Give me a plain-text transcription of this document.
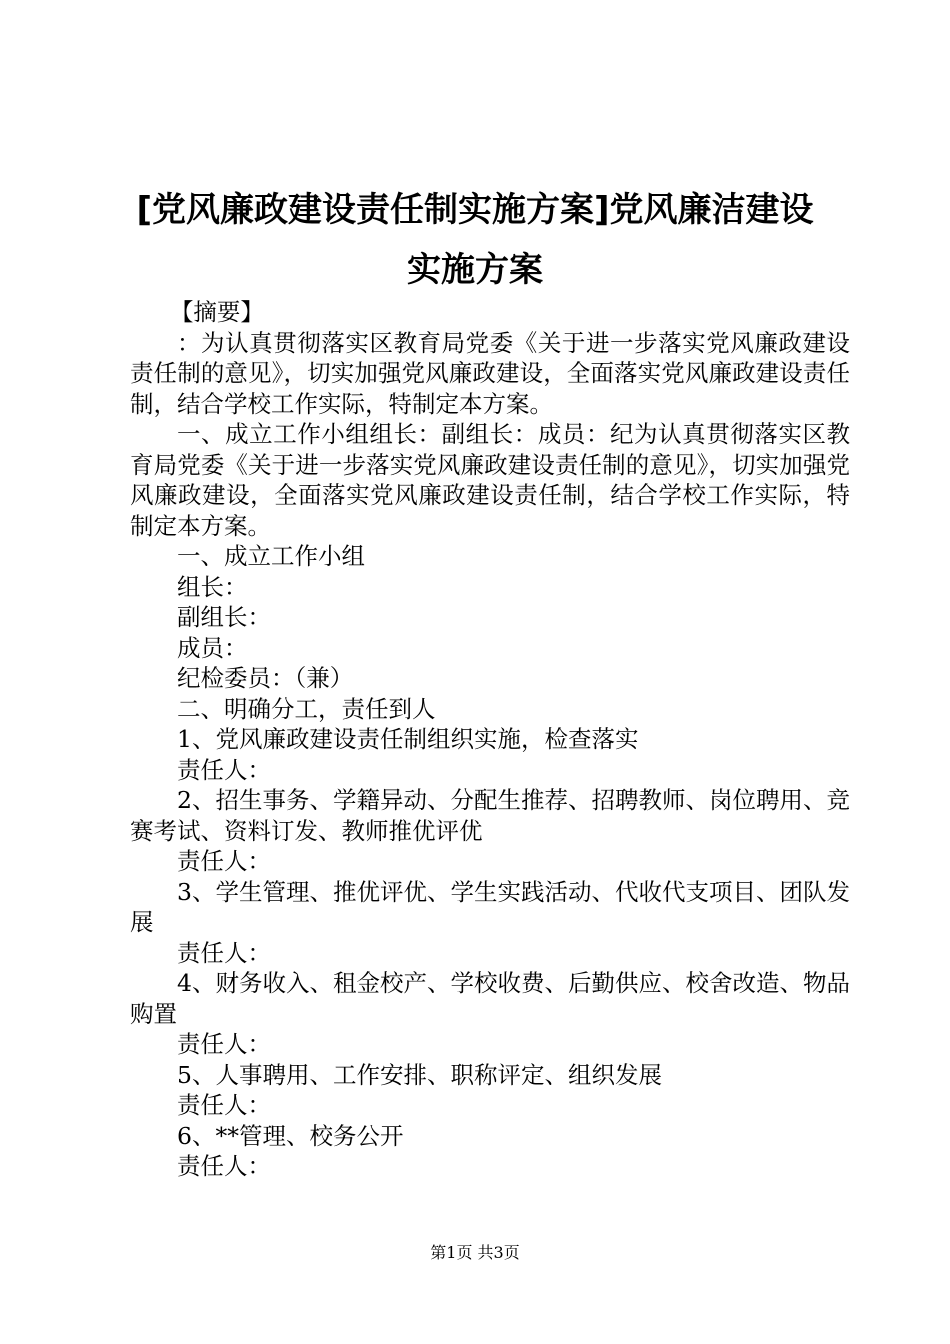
[党风廉政建设责任制实施方案]党风廉洁建设
实施方案

【摘要】

：为认真贯彻落实区教育局党委《关于进一步落实党风廉政建设责任制的意见》，切实加强党风廉政建设，全面落实党风廉政建设责任制，结合学校工作实际，特制定本方案。

一、成立工作小组组长：副组长：成员：纪为认真贯彻落实区教育局党委《关于进一步落实党风廉政建设责任制的意见》，切实加强党风廉政建设，全面落实党风廉政建设责任制，结合学校工作实际，特制定本方案。

一、成立工作小组

组长：

副组长：

成员：

纪检委员：（兼）

二、明确分工，责任到人

1、党风廉政建设责任制组织实施，检查落实

责任人：

2、招生事务、学籍异动、分配生推荐、招聘教师、岗位聘用、竞赛考试、资料订发、教师推优评优

责任人：

3、学生管理、推优评优、学生实践活动、代收代支项目、团队发展

责任人：

4、财务收入、租金校产、学校收费、后勤供应、校舍改造、物品购置

责任人：

5、人事聘用、工作安排、职称评定、组织发展

责任人：

6、**管理、校务公开

责任人：

第1页 共3页
